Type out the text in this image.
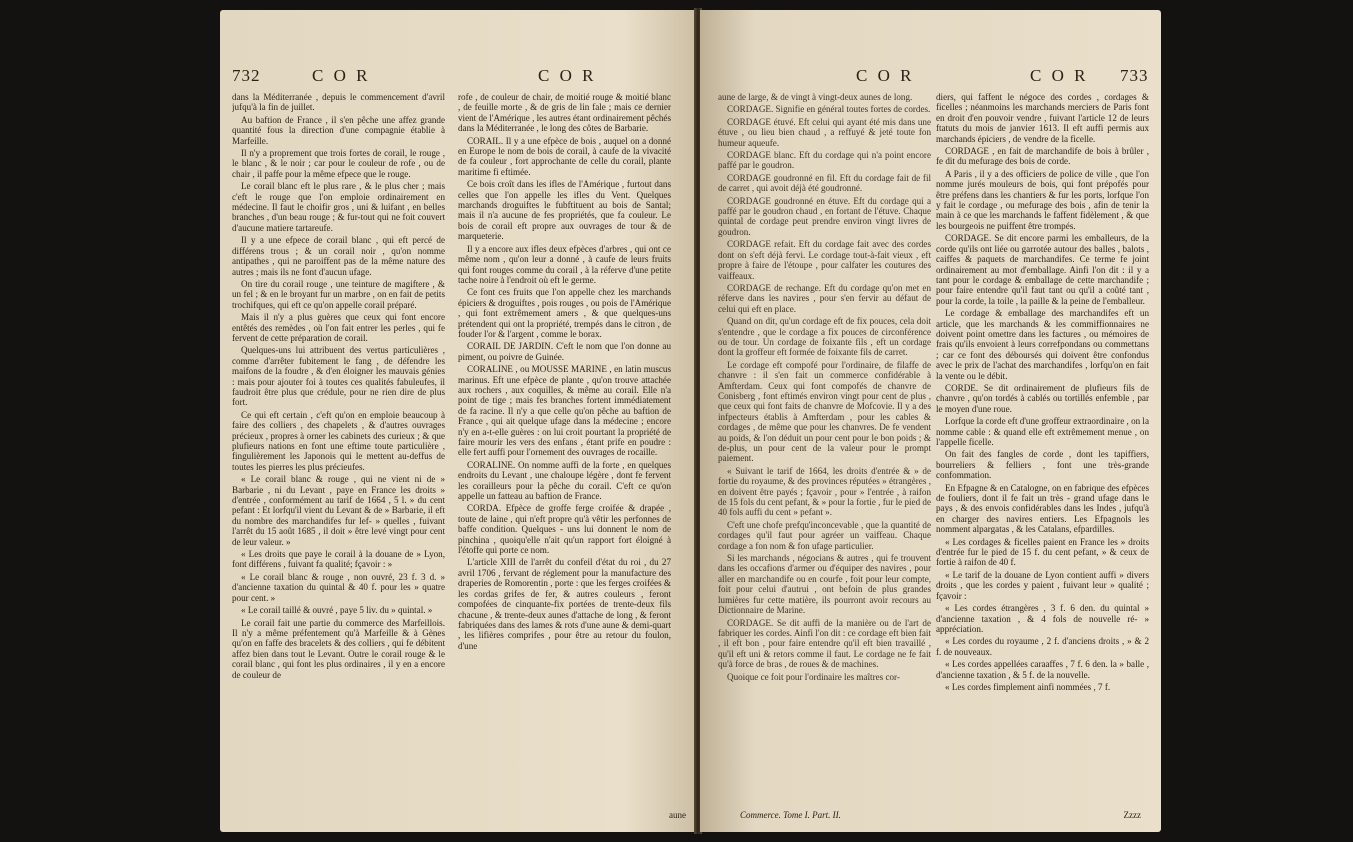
732	C O R	C O R

dans la Méditerranée , depuis le commencement d'avril jufqu'à la fin de juillet.

Au baftion de France , il s'en pêche une affez grande quantité fous la direction d'une compagnie établie à Marfeille.

Il n'y a proprement que trois fortes de corail, le rouge , le blanc , & le noir ; car pour le couleur de rofe , ou de chair , il paffe pour la même efpece que le rouge.

Le corail blanc eft le plus rare , & le plus cher ; mais c'eft le rouge que l'on emploie ordinairement en médecine. Il faut le choifir gros , uni & luifant , en belles branches , d'un beau rouge ; & fur-tout qui ne foit couvert d'aucune matiere tartareufe.

Il y a une efpece de corail blanc , qui eft percé de différens trous ; & un corail noir , qu'on nomme antipathes , qui ne paroiffent pas de la même nature des autres ; mais ils ne font d'aucun ufage.

On tire du corail rouge , une teinture de magiftere , & un fel ; & en le broyant fur un marbre , on en fait de petits trochifques, qui eft ce qu'on appelle corail préparé.

Mais il n'y a plus guères que ceux qui font encore entêtés des remèdes , où l'on fait entrer les perles , qui fe fervent de cette préparation de corail.

Quelques-uns lui attribuent des vertus particulières , comme d'arrêter fubitement le fang , de défendre les maifons de la foudre , & d'en éloigner les mauvais génies : mais pour ajouter foi à toutes ces qualités fabuleufes, il faudroit être plus que crédule, pour ne rien dire de plus fort.

Ce qui eft certain , c'eft qu'on en emploie beaucoup à faire des colliers , des chapelets , & d'autres ouvrages précieux , propres à orner les cabinets des curieux ; & que plufieurs nations en font une eftime toute particulière , fingulièrement les Japonois qui le mettent au-deffus de toutes les pierres les plus précieufes.

« Le corail blanc & rouge , qui ne vient ni de » Barbarie , ni du Levant , paye en France les droits » d'entrée , conformément au tarif de 1664 , 5 l. » du cent pefant : Et lorfqu'il vient du Levant & de » Barbarie, il eft du nombre des marchandifes fur lef- » quelles , fuivant l'arrêt du 15 août 1685 , il doit » être levé vingt pour cent de leur valeur. »

« Les droits que paye le corail à la douane de » Lyon, font différens , fuivant fa qualité; fçavoir : »

« Le corail blanc & rouge , non ouvré, 23 f. 3 d. » d'ancienne taxation du quintal & 40 f. pour les » quatre pour cent. »

« Le corail taillé & ouvré , paye 5 liv. du » quintal. »

Le corail fait une partie du commerce des Marfeillois. Il n'y a même préfentement qu'à Marfeille & à Gènes qu'on en faffe des bracelets & des colliers , qui fe débitent affez bien dans tout le Levant. Outre le corail rouge & le corail blanc , qui font les plus ordinaires , il y en a encore de couleur de

rofe , de couleur de chair, de moitié rouge & moitié blanc , de feuille morte , & de gris de lin fale ; mais ce dernier vient de l'Amérique , les autres étant ordinairement pêchés dans la Méditerranée , le long des côtes de Barbarie.

CORAIL. Il y a une efpèce de bois , auquel on a donné en Europe le nom de bois de corail, à caufe de la vivacité de fa couleur , fort approchante de celle du corail, plante maritime fi eftimée.

Ce bois croît dans les ifles de l'Amérique , furtout dans celles que l'on appelle les ifles du Vent. Quelques marchands droguiftes le fubftituent au bois de Santal; mais il n'a aucune de fes propriétés, que fa couleur. Le bois de corail eft propre aux ouvrages de tour & de marqueterie.

Il y a encore aux ifles deux efpèces d'arbres , qui ont ce même nom , qu'on leur a donné , à caufe de leurs fruits qui font rouges comme du corail , à la réferve d'une petite tache noire à l'endroit où eft le germe.

Ce font ces fruits que l'on appelle chez les marchands épiciers & droguiftes , pois rouges , ou pois de l'Amérique , qui font extrêmement amers , & que quelques-uns prétendent qui ont la propriété, trempés dans le citron , de fouder l'or & l'argent , comme le borax.

CORAIL DE JARDIN. C'eft le nom que l'on donne au piment, ou poivre de Guinée.

CORALINE , ou MOUSSE MARINE , en latin muscus marinus. Eft une efpèce de plante , qu'on trouve attachée aux rochers , aux coquilles, & même au corail. Elle n'a point de tige ; mais fes branches fortent immédiatement de fa racine. Il n'y a que celle qu'on pêche au baftion de France , qui ait quelque ufage dans la médecine ; encore n'y en a-t-elle guères : on lui croit pourtant la propriété de faire mourir les vers des enfans , étant prife en poudre : elle fert auffi pour l'ornement des ouvrages de rocaille.

CORALINE. On nomme auffi de la forte , en quelques endroits du Levant , une chaloupe légère , dont fe fervent les corailleurs pour la pêche du corail. C'eft ce qu'on appelle un fatteau au baftion de France.

CORDA. Efpèce de groffe ferge croifée & drapée , toute de laine , qui n'eft propre qu'à vêtir les perfonnes de baffe condition. Quelques - uns lui donnent le nom de pinchina , quoiqu'elle n'ait qu'un rapport fort éloigné à l'étoffe qui porte ce nom.

L'article XIII de l'arrêt du confeil d'état du roi , du 27 avril 1706 , fervant de réglement pour la manufacture des draperies de Romorentin , porte : que les ferges croifées & les cordas grifes de fer, & autres couleurs , feront compofées de cinquante-fix portées de trente-deux fils chacune , & trente-deux aunes d'attache de long , & feront fabriquées dans des lames & rots d'une aune & demi-quart , les lifières comprifes , pour être au retour du foulon, d'une

aune
C O R	C O R 733

aune de large, & de vingt à vingt-deux aunes de long.

CORDAGE. Signifie en général toutes fortes de cordes.

CORDAGE étuvé. Eft celui qui ayant été mis dans une étuve , ou lieu bien chaud , a reffuyé & jeté toute fon humeur aqueufe.

CORDAGE blanc. Eft du cordage qui n'a point encore paffé par le goudron.

CORDAGE goudronné en fil. Eft du cordage fait de fil de carret , qui avoit déjà été goudronné.

CORDAGE goudronné en étuve. Eft du cordage qui a paffé par le goudron chaud , en fortant de l'étuve. Chaque quintal de cordage peut prendre environ vingt livres de goudron.

CORDAGE refait. Eft du cordage fait avec des cordes dont on s'eft déjà fervi. Le cordage tout-à-fait vieux , eft propre à faire de l'étoupe , pour calfater les coutures des vaiffeaux.

CORDAGE de rechange. Eft du cordage qu'on met en réferve dans les navires , pour s'en fervir au défaut de celui qui eft en place.

Quand on dit, qu'un cordage eft de fix pouces, cela doit s'entendre , que le cordage a fix pouces de circonférence ou de tour. Un cordage de foixante fils , eft un cordage dont la groffeur eft formée de foixante fils de carret.

Le cordage eft compofé pour l'ordinaire, de filaffe de chanvre : il s'en fait un commerce confidérable à Amfterdam. Ceux qui font compofés de chanvre de Conisberg , font eftimés environ vingt pour cent de plus , que ceux qui font faits de chanvre de Mofcovie. Il y a des infpecteurs établis à Amfterdam , pour les cables & cordages , de même que pour les chanvres. De fe vendent au poids, & l'on déduit un pour cent pour le bon poids ; & de-plus, un pour cent de la valeur pour le prompt paiement.

« Suivant le tarif de 1664, les droits d'entrée & » de fortie du royaume, & des provinces réputées » étrangères , en doivent être payés ; fçavoir , pour » l'entrée , à raifon de 15 fols du cent pefant, & » pour la fortie , fur le pied de 40 fols auffi du cent » pefant ».

C'eft une chofe prefqu'inconcevable , que la quantité de cordages qu'il faut pour agréer un vaiffeau. Chaque cordage a fon nom & fon ufage particulier.

Si les marchands , négocians & autres , qui fe trouvent dans les occafions d'armer ou d'équiper des navires , pour aller en marchandife ou en courfe , foit pour leur compte, foit pour celui d'autrui , ont befoin de plus grandes lumières fur cette matière, ils pourront avoir recours au Dictionnaire de Marine.

CORDAGE. Se dit auffi de la manière ou de l'art de fabriquer les cordes. Ainfi l'on dit : ce cordage eft bien fait , il eft bon , pour faire entendre qu'il eft bien travaillé , qu'il eft uni & retors comme il faut. Le cordage ne fe fait qu'à force de bras , de roues & de machines.

Quoique ce foit pour l'ordinaire les maîtres cor-

diers, qui faffent le négoce des cordes , cordages & ficelles ; néanmoins les marchands merciers de Paris font en droit d'en pouvoir vendre , fuivant l'article 12 de leurs ftatuts du mois de janvier 1613. Il eft auffi permis aux marchands épiciers , de vendre de la ficelle.

CORDAGE , en fait de marchandife de bois à brûler , fe dit du mefurage des bois de corde.

A Paris , il y a des officiers de police de ville , que l'on nomme jurés mouleurs de bois, qui font prépofés pour être préfens dans les chantiers & fur les ports, lorfque l'on y fait le cordage , ou mefurage des bois , afin de tenir la main à ce que les marchands le faffent fidèlement , & que les bourgeois ne puiffent être trompés.

CORDAGE. Se dit encore parmi les emballeurs, de la corde qu'ils ont liée ou garrotée autour des balles , balots , caiffes & paquets de marchandifes. Ce terme fe joint ordinairement au mot d'emballage. Ainfi l'on dit : il y a tant pour le cordage & emballage de cette marchandife ; pour faire entendre qu'il faut tant ou qu'il a coûté tant , pour la corde, la toile , la paille & la peine de l'emballeur.

Le cordage & emballage des marchandifes eft un article, que les marchands & les commiffionnaires ne doivent point omettre dans les factures , ou mémoires de frais qu'ils envoient à leurs correfpondans ou commettans ; car ce font des déboursés qui doivent être confondus avec le prix de l'achat des marchandifes , lorfqu'on en fait la vente ou le débit.

CORDE. Se dit ordinairement de plufieurs fils de chanvre , qu'on tordés à cablés ou tortillés enfemble , par le moyen d'une roue.

Lorfque la corde eft d'une groffeur extraordinaire , on la nomme cable : & quand elle eft extrêmement menue , on l'appelle ficelle.

On fait des fangles de corde , dont les tapiffiers, bourreliers & felliers , font une très-grande confommation.

En Efpagne & en Catalogne, on en fabrique des efpèces de fouliers, dont il fe fait un très - grand ufage dans le pays , & des envois confidérables dans les Indes , jufqu'à en charger des navires entiers. Les Efpagnols les nomment alpargatas , & les Catalans, efpardilles.

« Les cordages & ficelles paient en France les » droits d'entrée fur le pied de 15 f. du cent pefant, » & ceux de fortie à raifon de 40 f.

« Le tarif de la douane de Lyon contient auffi » divers droits , que les cordes y paient , fuivant leur » qualité ; fçavoir :

« Les cordes étrangères , 3 f. 6 den. du quintal » d'ancienne taxation , & 4 fols de nouvelle ré- » appréciation.

« Les cordes du royaume , 2 f. d'anciens droits , » & 2 f. de nouveaux.

« Les cordes appellées caraaffes , 7 f. 6 den. la » balle , d'ancienne taxation , & 5 f. de la nouvelle.

« Les cordes fimplement ainfi nommées , 7 f.

Commerce. Tome I. Part. II.	Zzzz
